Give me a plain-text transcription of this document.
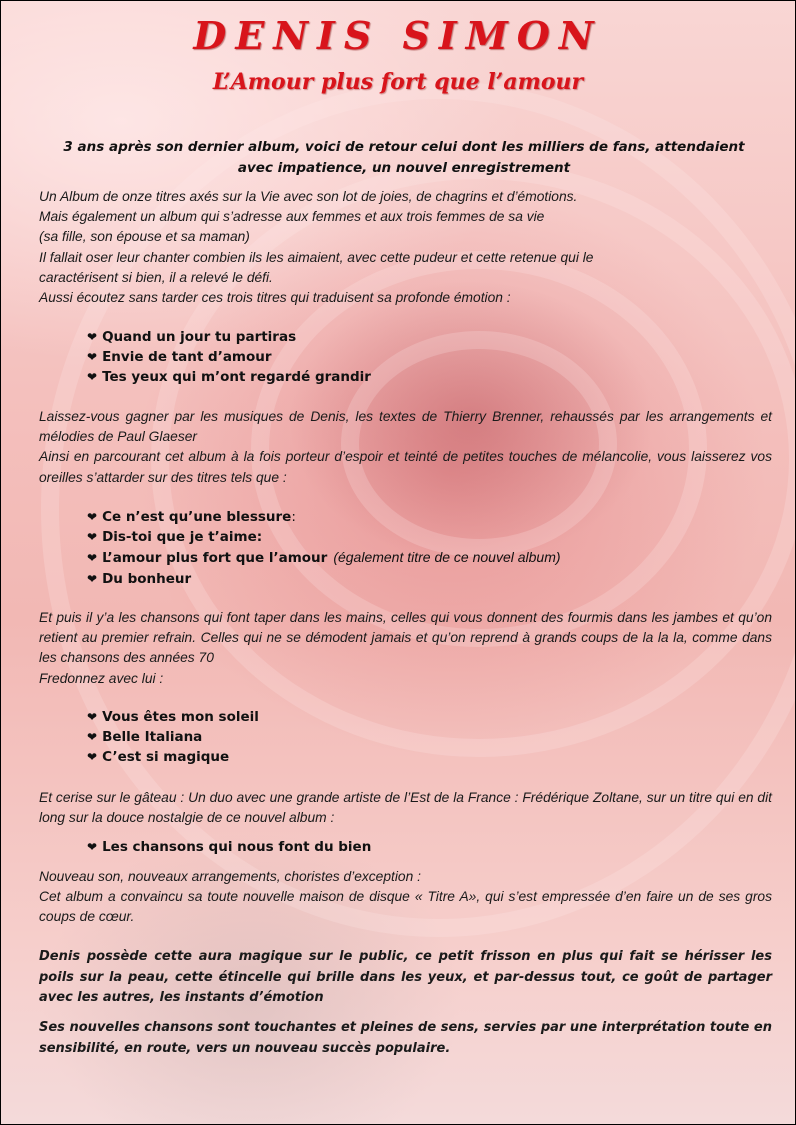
DENIS SIMON
L’Amour plus fort que l’amour
3 ans après son dernier album, voici de retour celui dont les milliers de fans, attendaient avec impatience, un nouvel enregistrement
Un Album de onze titres axés sur la Vie avec son lot de joies, de chagrins et d’émotions.
Mais également un album qui s’adresse aux femmes et aux trois femmes de sa vie
(sa fille, son épouse et sa maman)
Il fallait oser leur chanter combien ils les aimaient, avec cette pudeur et cette retenue qui le
caractérisent si bien, il a relevé le défi.
Aussi écoutez sans tarder ces trois titres qui traduisent sa profonde émotion :
❤ Quand un jour tu partiras
❤ Envie de tant d’amour
❤ Tes yeux qui m’ont regardé grandir
Laissez-vous gagner par les musiques de Denis, les textes de Thierry Brenner, rehaussés par les arrangements et mélodies de Paul Glaeser
Ainsi en parcourant cet album à la fois porteur d’espoir et teinté de petites touches de mélancolie, vous laisserez vos oreilles s’attarder sur des titres tels que :
❤ Ce n’est qu’une blessure:
❤ Dis-toi que je t’aime:
❤ L’amour plus fort que l’amour (également titre de ce nouvel album)
❤ Du bonheur
Et puis il y’a les chansons qui font taper dans les mains, celles qui vous donnent des fourmis dans les jambes et qu’on retient au premier refrain. Celles qui ne se démodent jamais et qu’on reprend à grands coups de la la la, comme dans les chansons des années 70
Fredonnez avec lui :
❤ Vous êtes mon soleil
❤ Belle Italiana
❤ C’est si magique
Et cerise sur le gâteau : Un duo avec une grande artiste de l’Est de la France : Frédérique Zoltane, sur un titre qui en dit long sur la douce nostalgie de ce nouvel album :
❤ Les chansons qui nous font du bien
Nouveau son, nouveaux arrangements, choristes d’exception :
Cet album a convaincu sa toute nouvelle maison de disque « Titre A», qui s’est empressée d’en faire un de ses gros coups de cœur.
Denis possède cette aura magique sur le public, ce petit frisson en plus qui fait se hérisser les poils sur la peau, cette étincelle qui brille dans les yeux, et par-dessus tout, ce goût de partager avec les autres, les instants d’émotion
Ses nouvelles chansons sont touchantes et pleines de sens, servies par une interprétation toute en sensibilité, en route, vers un nouveau succès populaire.
